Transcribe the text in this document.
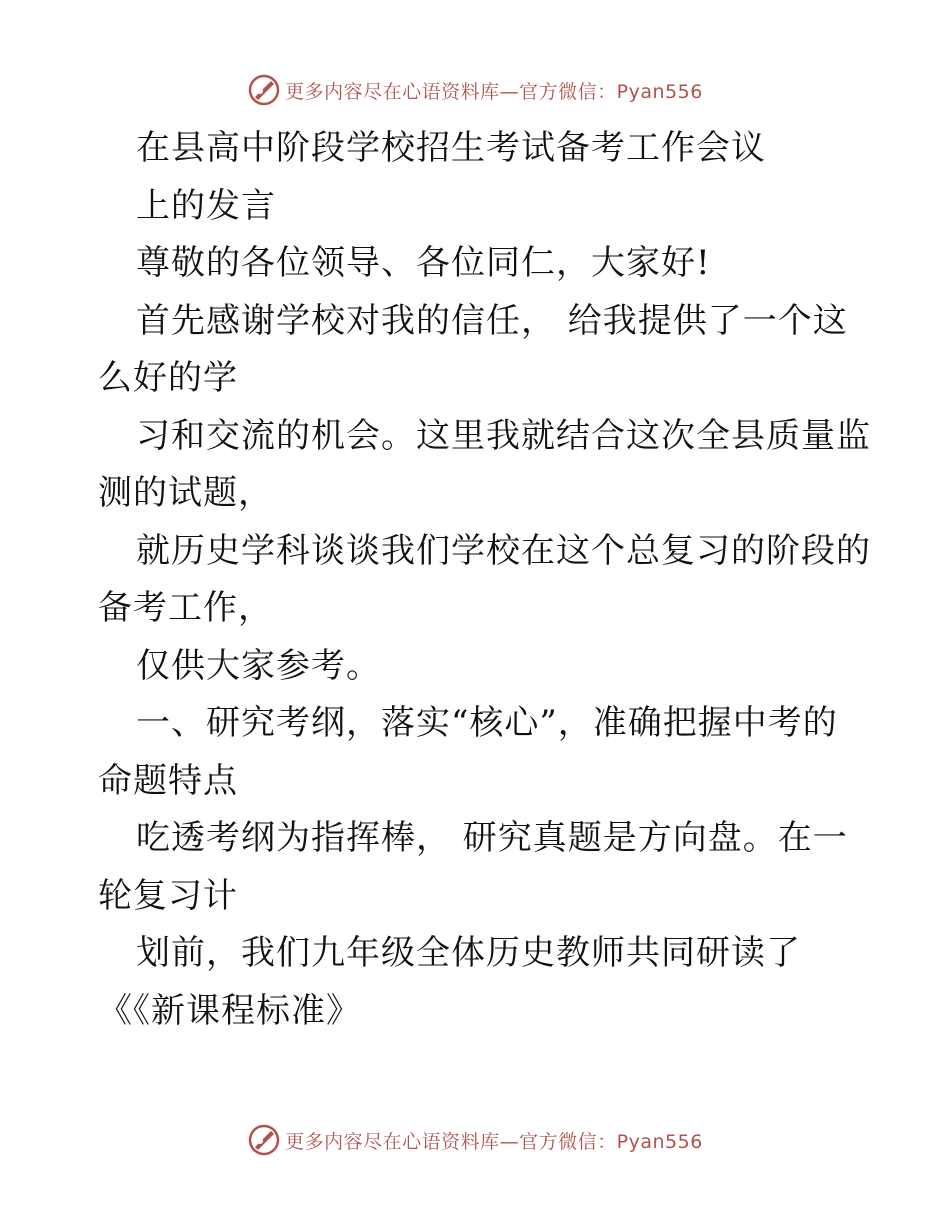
更多内容尽在心语资料库—官方微信：Pyan556
在县高中阶段学校招生考试备考工作会议
上的发言
尊敬的各位领导、各位同仁，大家好!
首先感谢学校对我的信任， 给我提供了一个这
么好的学
习和交流的机会。这里我就结合这次全县质量监
测的试题，
就历史学科谈谈我们学校在这个总复习的阶段的
备考工作，
仅供大家参考。
一、研究考纲，落实“核心”，准确把握中考的
命题特点
吃透考纲为指挥棒， 研究真题是方向盘。在一
轮复习计
划前，我们九年级全体历史教师共同研读了
《《新课程标准》
更多内容尽在心语资料库—官方微信：Pyan556
